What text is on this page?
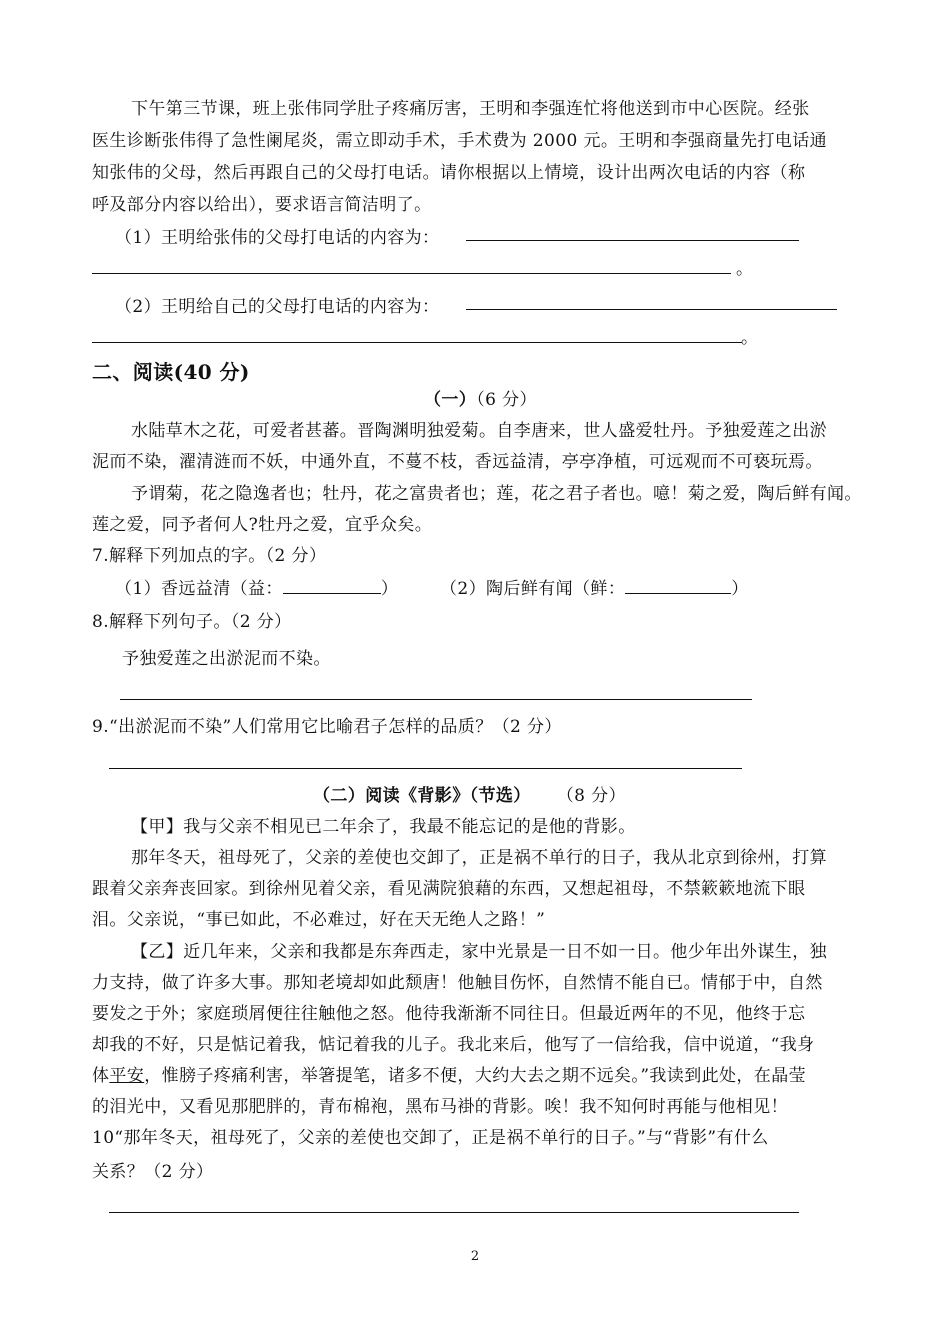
下午第三节课，班上张伟同学肚子疼痛厉害，王明和李强连忙将他送到市中心医院。经张
医生诊断张伟得了急性阑尾炎，需立即动手术，手术费为 2000 元。王明和李强商量先打电话通
知张伟的父母，然后再跟自己的父母打电话。请你根据以上情境，设计出两次电话的内容（称
呼及部分内容以给出），要求语言简洁明了。
（1）王明给张伟的父母打电话的内容为：
。
（2）王明给自己的父母打电话的内容为：
。
二、阅读(40 分)
（一）（6 分）
水陆草木之花，可爱者甚蕃。晋陶渊明独爱菊。自李唐来，世人盛爱牡丹。予独爱莲之出淤
泥而不染，濯清涟而不妖，中通外直，不蔓不枝，香远益清，亭亭净植，可远观而不可亵玩焉。
予谓菊，花之隐逸者也；牡丹，花之富贵者也；莲，花之君子者也。噫！菊之爱，陶后鲜有闻。
莲之爱，同予者何人?牡丹之爱，宜乎众矣。
7.解释下列加点的字。（2 分）
（1）香远益清（益：	） （2）陶后鲜有闻（鲜：	）
8.解释下列句子。（2 分）
予独爱莲之出淤泥而不染。
9.“出淤泥而不染”人们常用它比喻君子怎样的品质？（2 分）
（二）阅读《背影》（节选） （8 分）
【甲】我与父亲不相见已二年余了，我最不能忘记的是他的背影。
那年冬天，祖母死了，父亲的差使也交卸了，正是祸不单行的日子，我从北京到徐州，打算
跟着父亲奔丧回家。到徐州见着父亲，看见满院狼藉的东西，又想起祖母，不禁簌簌地流下眼
泪。父亲说，“事已如此，不必难过，好在天无绝人之路！”
【乙】近几年来，父亲和我都是东奔西走，家中光景是一日不如一日。他少年出外谋生，独
力支持，做了许多大事。那知老境却如此颓唐！他触目伤怀，自然情不能自已。情郁于中，自然
要发之于外；家庭琐屑便往往触他之怒。他待我渐渐不同往日。但最近两年的不见，他终于忘
却我的不好，只是惦记着我，惦记着我的儿子。我北来后，他写了一信给我，信中说道，“我身
体平安，惟膀子疼痛利害，举箸提笔，诸多不便，大约大去之期不远矣。”我读到此处，在晶莹
的泪光中，又看见那肥胖的，青布棉袍，黑布马褂的背影。唉！我不知何时再能与他相见！
10“那年冬天，祖母死了，父亲的差使也交卸了，正是祸不单行的日子。”与“背影”有什么
关系？（2 分）
2
